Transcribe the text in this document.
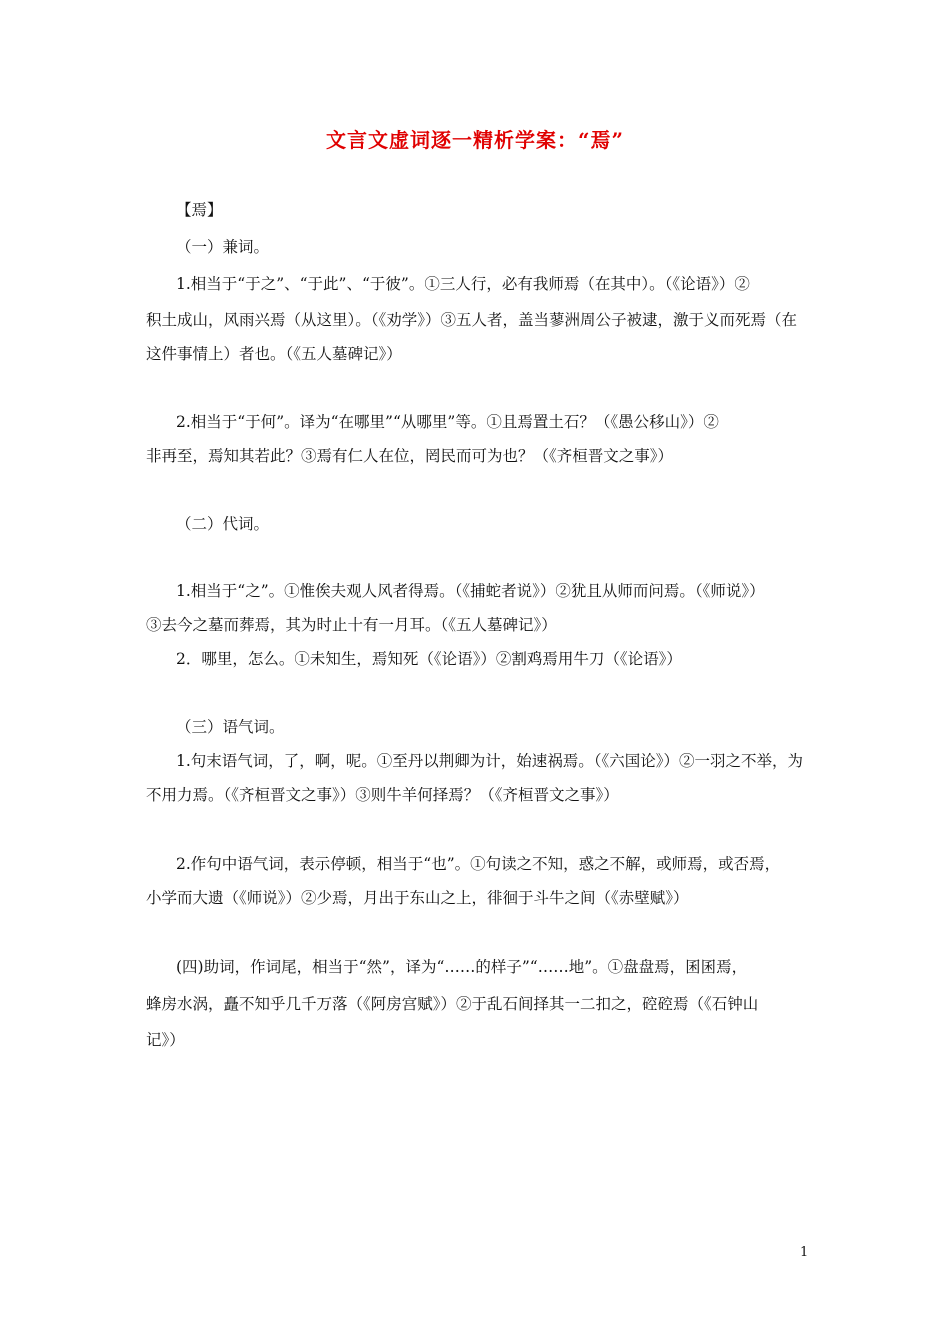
文言文虚词逐一精析学案：“焉”
【焉】
（一）兼词。
1.相当于“于之”、“于此”、“于彼”。①三人行，必有我师焉（在其中）。（《论语》）②
积土成山，风雨兴焉（从这里）。（《劝学》）③五人者，盖当蓼洲周公子被逮，激于义而死焉（在
这件事情上）者也。（《五人墓碑记》）
2.相当于“于何”。译为“在哪里”“从哪里”等。①且焉置土石？（《愚公移山》）②
非再至，焉知其若此？③焉有仁人在位，罔民而可为也？（《齐桓晋文之事》）
（二）代词。
1.相当于“之”。①惟俟夫观人风者得焉。（《捕蛇者说》）②犹且从师而问焉。（《师说》）
③去今之墓而葬焉，其为时止十有一月耳。（《五人墓碑记》）
2．哪里，怎么。①未知生，焉知死（《论语》）②割鸡焉用牛刀（《论语》）
（三）语气词。
1.句末语气词，了，啊，呢。①至丹以荆卿为计，始速祸焉。（《六国论》）②一羽之不举，为
不用力焉。（《齐桓晋文之事》）③则牛羊何择焉？（《齐桓晋文之事》）
2.作句中语气词，表示停顿，相当于“也”。①句读之不知，惑之不解，或师焉，或否焉，
小学而大遗（《师说》）②少焉，月出于东山之上，徘徊于斗牛之间（《赤壁赋》）
(四)助词，作词尾，相当于“然”，译为“……的样子”“……地”。①盘盘焉，囷囷焉，
蜂房水涡，矗不知乎几千万落（《阿房宫赋》）②于乱石间择其一二扣之，硿硿焉（《石钟山
记》）
1
